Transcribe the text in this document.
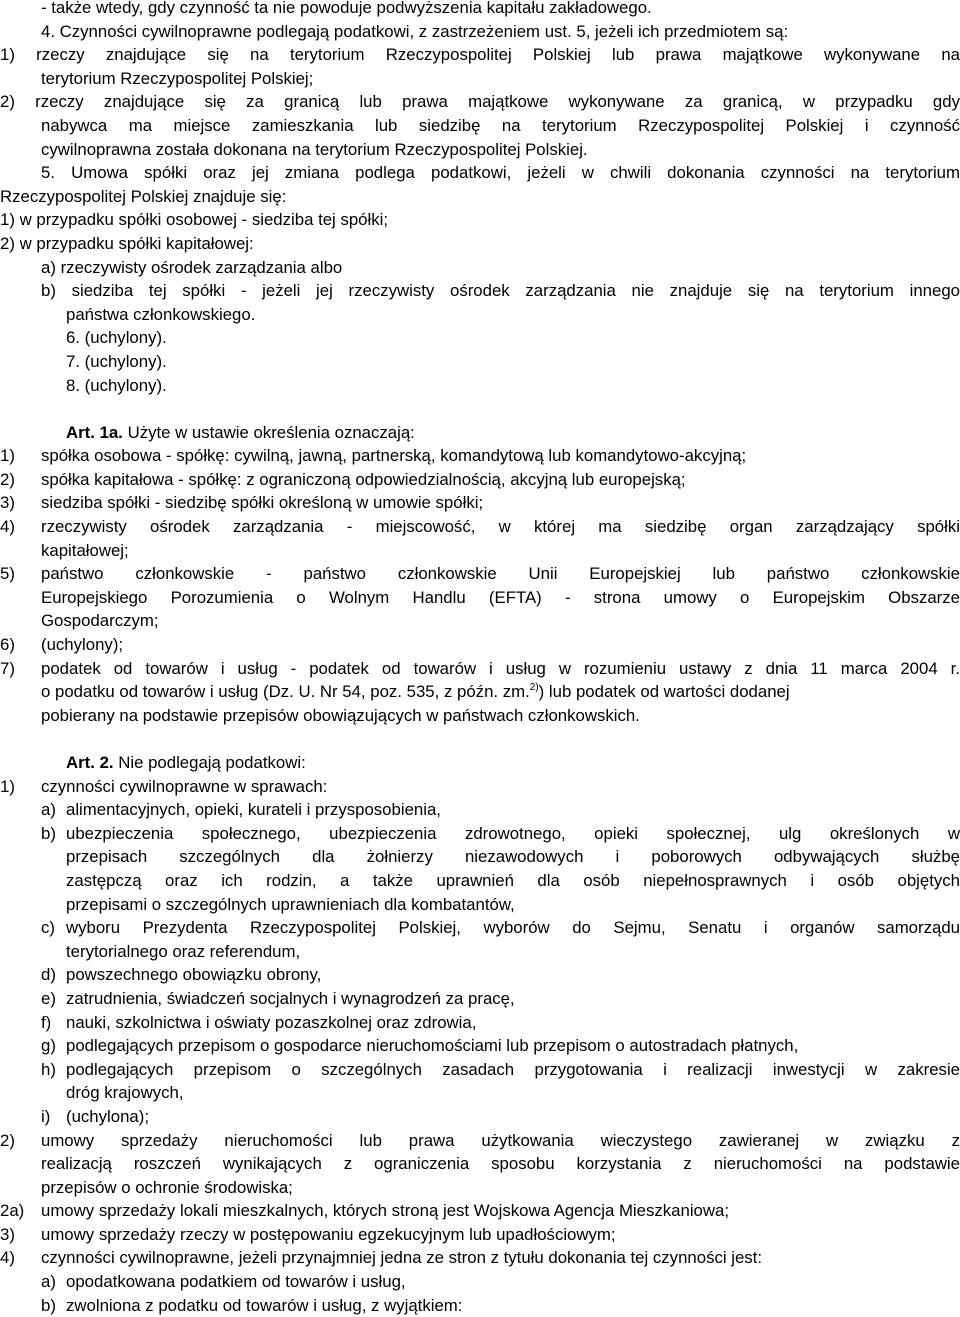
- także wtedy, gdy czynność ta nie powoduje podwyższenia kapitału zakładowego.
4. Czynności cywilnoprawne podlegają podatkowi, z zastrzeżeniem ust. 5, jeżeli ich przedmiotem są:
1) rzeczy znajdujące się na terytorium Rzeczypospolitej Polskiej lub prawa majątkowe wykonywane na
terytorium Rzeczypospolitej Polskiej;
2) rzeczy znajdujące się za granicą lub prawa majątkowe wykonywane za granicą, w przypadku gdy
nabywca ma miejsce zamieszkania lub siedzibę na terytorium Rzeczypospolitej Polskiej i czynność
cywilnoprawna została dokonana na terytorium Rzeczypospolitej Polskiej.
5. Umowa spółki oraz jej zmiana podlega podatkowi, jeżeli w chwili dokonania czynności na terytorium
Rzeczypospolitej Polskiej znajduje się:
1) w przypadku spółki osobowej - siedziba tej spółki;
2) w przypadku spółki kapitałowej:
a) rzeczywisty ośrodek zarządzania albo
b) siedziba tej spółki - jeżeli jej rzeczywisty ośrodek zarządzania nie znajduje się na terytorium innego
państwa członkowskiego.
6. (uchylony).
7. (uchylony).
8. (uchylony).
Art. 1a. Użyte w ustawie określenia oznaczają:
1)	spółka osobowa - spółkę: cywilną, jawną, partnerską, komandytową lub komandytowo-akcyjną;
2)	spółka kapitałowa - spółkę: z ograniczoną odpowiedzialnością, akcyjną lub europejską;
3)	siedziba spółki - siedzibę spółki określoną w umowie spółki;
4)	rzeczywisty ośrodek zarządzania - miejscowość, w której ma siedzibę organ zarządzający spółki
kapitałowej;
5)	państwo członkowskie - państwo członkowskie Unii Europejskiej lub państwo członkowskie
Europejskiego Porozumienia o Wolnym Handlu (EFTA) - strona umowy o Europejskim Obszarze
Gospodarczym;
6)	(uchylony);
7)	podatek od towarów i usług - podatek od towarów i usług w rozumieniu ustawy z dnia 11 marca 2004 r.
o podatku od towarów i usług (Dz. U. Nr 54, poz. 535, z późn. zm.$^{2)}$) lub podatek od wartości dodanej
pobierany na podstawie przepisów obowiązujących w państwach członkowskich.
Art. 2. Nie podlegają podatkowi:
1)	czynności cywilnoprawne w sprawach:
a) alimentacyjnych, opieki, kurateli i przysposobienia,
b) ubezpieczenia społecznego, ubezpieczenia zdrowotnego, opieki społecznej, ulg określonych w
przepisach szczególnych dla żołnierzy niezawodowych i poborowych odbywających służbę
zastępczą oraz ich rodzin, a także uprawnień dla osób niepełnosprawnych i osób objętych
przepisami o szczególnych uprawnieniach dla kombatantów,
c) wyboru Prezydenta Rzeczypospolitej Polskiej, wyborów do Sejmu, Senatu i organów samorządu
terytorialnego oraz referendum,
d) powszechnego obowiązku obrony,
e) zatrudnienia, świadczeń socjalnych i wynagrodzeń za pracę,
f) nauki, szkolnictwa i oświaty pozaszkolnej oraz zdrowia,
g) podlegających przepisom o gospodarce nieruchomościami lub przepisom o autostradach płatnych,
h) podlegających przepisom o szczególnych zasadach przygotowania i realizacji inwestycji w zakresie
dróg krajowych,
i) (uchylona);
2)	umowy sprzedaży nieruchomości lub prawa użytkowania wieczystego zawieranej w związku z
realizacją roszczeń wynikających z ograniczenia sposobu korzystania z nieruchomości na podstawie
przepisów o ochronie środowiska;
2a) umowy sprzedaży lokali mieszkalnych, których stroną jest Wojskowa Agencja Mieszkaniowa;
3)	umowy sprzedaży rzeczy w postępowaniu egzekucyjnym lub upadłościowym;
4)	czynności cywilnoprawne, jeżeli przynajmniej jedna ze stron z tytułu dokonania tej czynności jest:
a) opodatkowana podatkiem od towarów i usług,
b) zwolniona z podatku od towarów i usług, z wyjątkiem:
